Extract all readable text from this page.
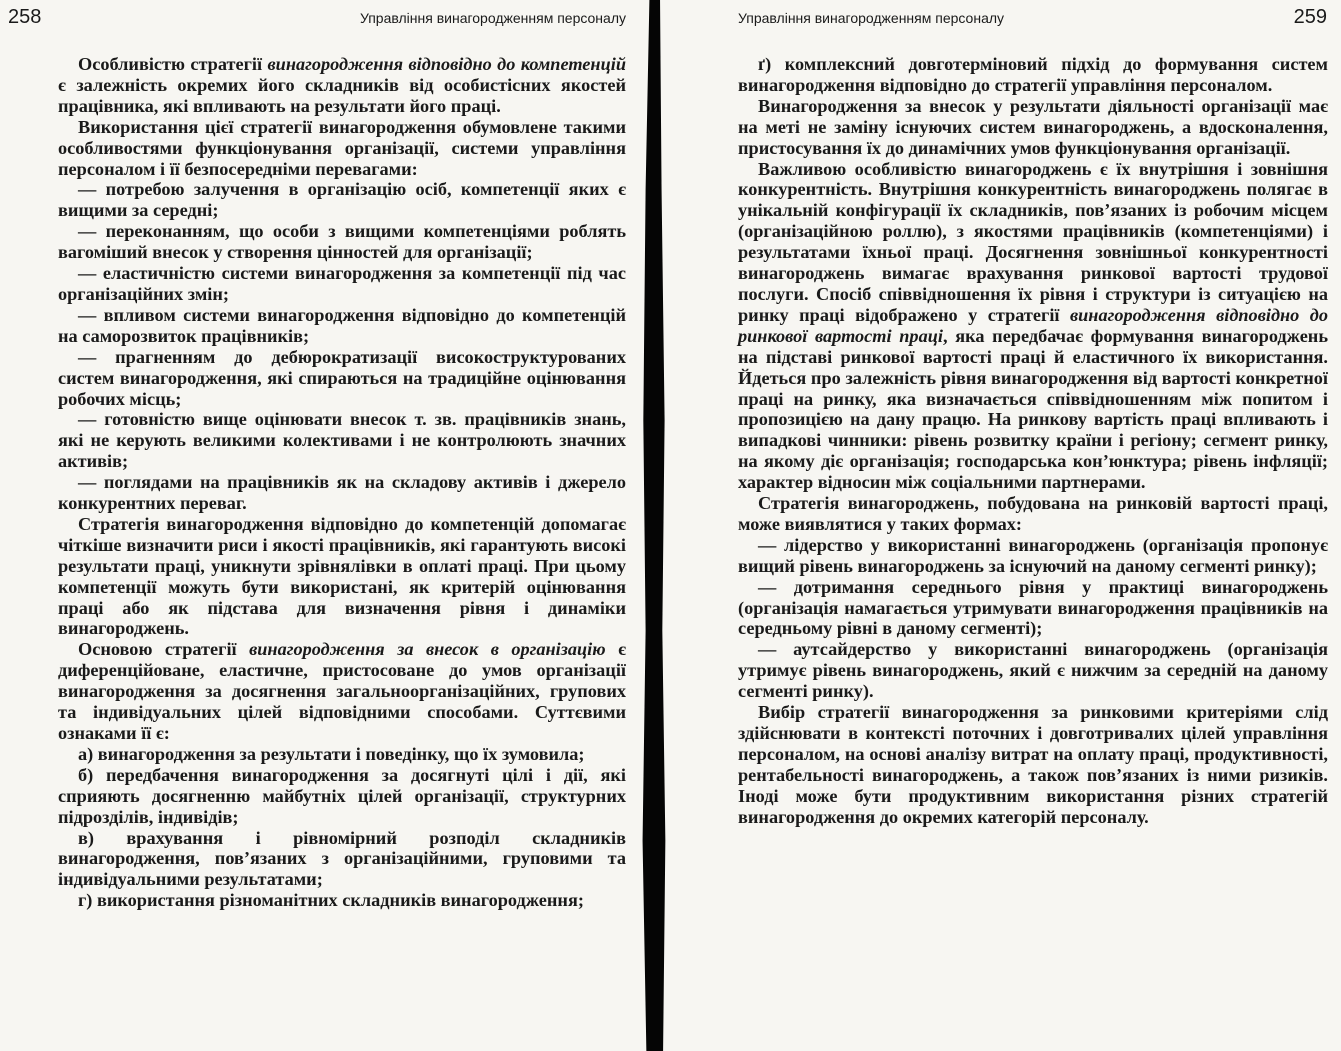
258	Управління винагородженням персоналу

Особливістю стратегії винагородження відповідно до компетенцій є залежність окремих його складників від особистісних якостей працівника, які впливають на результати його праці.

Використання цієї стратегії винагородження обумовлене такими особливостями функціонування організації, системи управління персоналом і її безпосередніми перевагами:

— потребою залучення в організацію осіб, компетенції яких є вищими за середні;

— переконанням, що особи з вищими компетенціями роблять вагоміший внесок у створення цінностей для організації;

— еластичністю системи винагородження за компетенції під час організаційних змін;

— впливом системи винагородження відповідно до компетенцій на саморозвиток працівників;

— прагненням до дебюрократизації високоструктурованих систем винагородження, які спираються на традиційне оцінювання робочих місць;

— готовністю вище оцінювати внесок т. зв. працівників знань, які не керують великими колективами і не контролюють значних активів;

— поглядами на працівників як на складову активів і джерело конкурентних переваг.

Стратегія винагородження відповідно до компетенцій допомагає чіткіше визначити риси і якості працівників, які гарантують високі результати праці, уникнути зрівнялівки в оплаті праці. При цьому компетенції можуть бути використані, як критерій оцінювання праці або як підстава для визначення рівня і динаміки винагороджень.

Основою стратегії винагородження за внесок в організацію є диференційоване, еластичне, пристосоване до умов організації винагородження за досягнення загальноорганізаційних, групових та індивідуальних цілей відповідними способами. Суттєвими ознаками її є:

а) винагородження за результати і поведінку, що їх зумовила;

б) передбачення винагородження за досягнуті цілі і дії, які сприяють досягненню майбутніх цілей організації, структурних підрозділів, індивідів;

в) врахування і рівномірний розподіл складників винагородження, пов’язаних з організаційними, груповими та індивідуальними результатами;

г) використання різноманітних складників винагородження;

Управління винагородженням персоналу	259

ґ) комплексний довготерміновий підхід до формування систем винагородження відповідно до стратегії управління персоналом.

Винагородження за внесок у результати діяльності організації має на меті не заміну існуючих систем винагороджень, а вдосконалення, пристосування їх до динамічних умов функціонування організації.

Важливою особливістю винагороджень є їх внутрішня і зовнішня конкурентність. Внутрішня конкурентність винагороджень полягає в унікальній конфігурації їх складників, пов’язаних із робочим місцем (організаційною роллю), з якостями працівників (компетенціями) і результатами їхньої праці. Досягнення зовнішньої конкурентності винагороджень вимагає врахування ринкової вартості трудової послуги. Спосіб співвідношення їх рівня і структури із ситуацією на ринку праці відображено у стратегії винагородження відповідно до ринкової вартості праці, яка передбачає формування винагороджень на підставі ринкової вартості праці й еластичного їх використання. Йдеться про залежність рівня винагородження від вартості конкретної праці на ринку, яка визначається співвідношенням між попитом і пропозицією на дану працю. На ринкову вартість праці впливають і випадкові чинники: рівень розвитку країни і регіону; сегмент ринку, на якому діє організація; господарська кон’юнктура; рівень інфляції; характер відносин між соціальними партнерами.

Стратегія винагороджень, побудована на ринковій вартості праці, може виявлятися у таких формах:

— лідерство у використанні винагороджень (організація пропонує вищий рівень винагороджень за існуючий на даному сегменті ринку);

— дотримання середнього рівня у практиці винагороджень (організація намагається утримувати винагородження працівників на середньому рівні в даному сегменті);

— аутсайдерство у використанні винагороджень (організація утримує рівень винагороджень, який є нижчим за середній на даному сегменті ринку).

Вибір стратегії винагородження за ринковими критеріями слід здійснювати в контексті поточних і довготривалих цілей управління персоналом, на основі аналізу витрат на оплату праці, продуктивності, рентабельності винагороджень, а також пов’язаних із ними ризиків. Іноді може бути продуктивним використання різних стратегій винагородження до окремих категорій персоналу.
